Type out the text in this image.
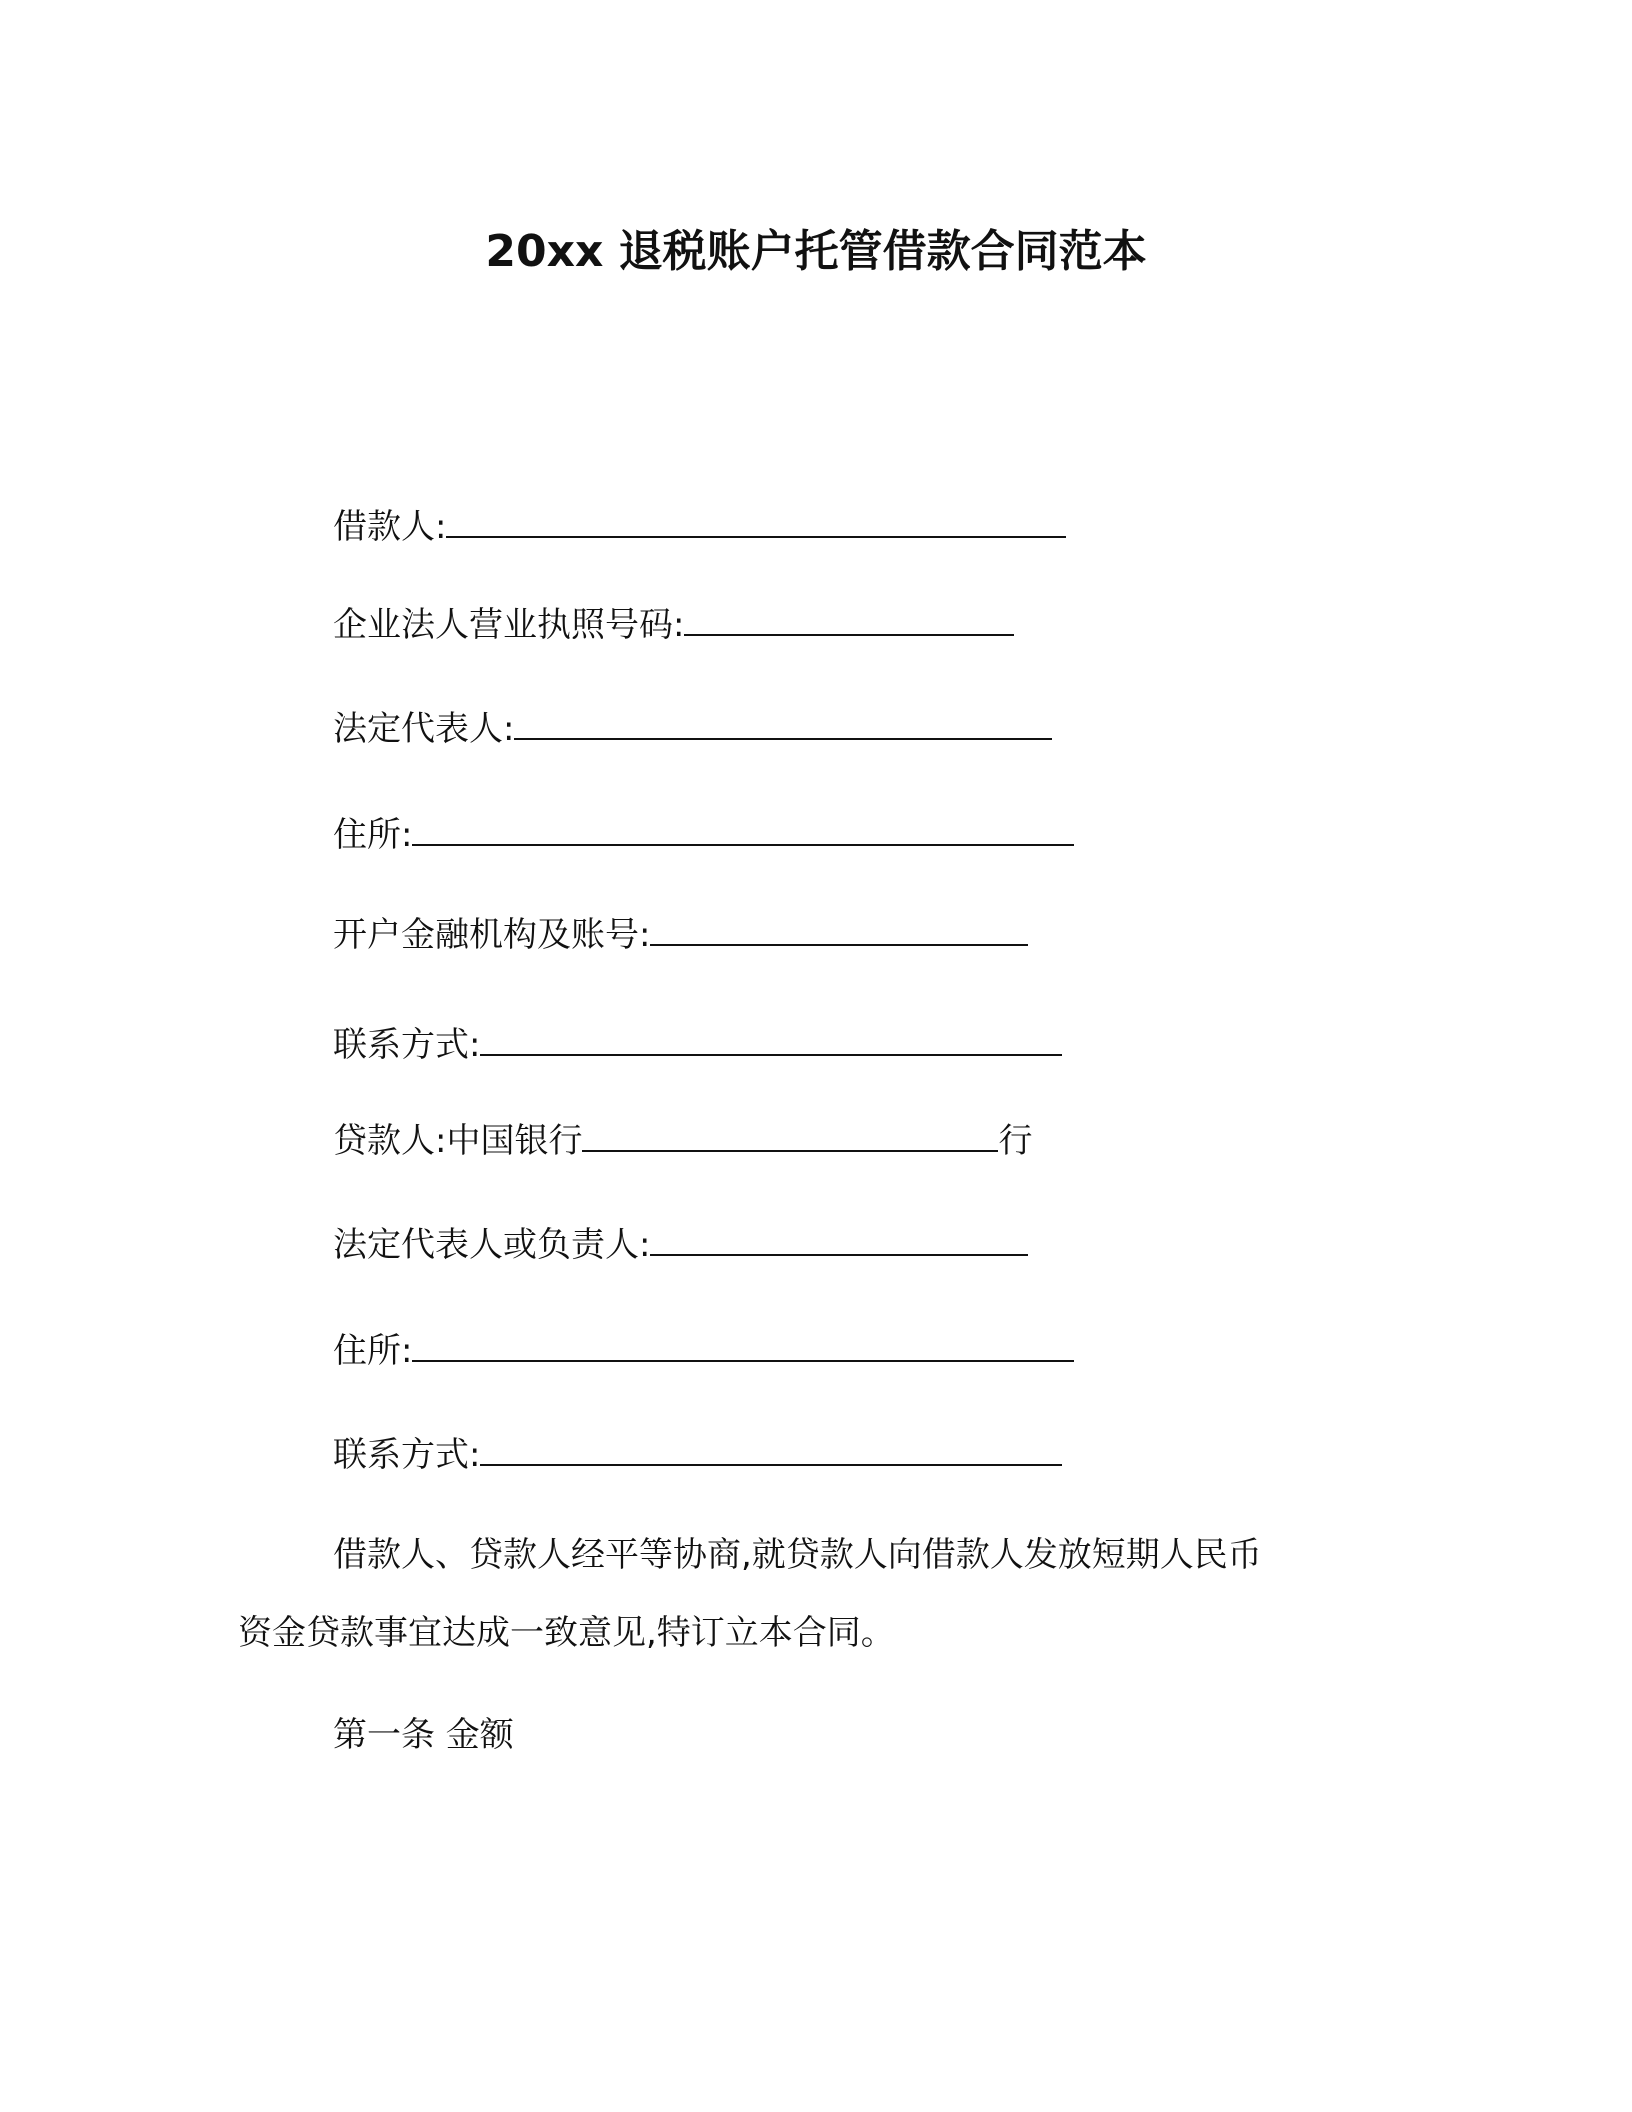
20xx 退税账户托管借款合同范本
借款人:
企业法人营业执照号码:
法定代表人:
住所:
开户金融机构及账号:
联系方式:
贷款人:中国银行	行
法定代表人或负责人:
住所:
联系方式:
借款人、贷款人经平等协商,就贷款人向借款人发放短期人民币
资金贷款事宜达成一致意见,特订立本合同。
第一条 金额
